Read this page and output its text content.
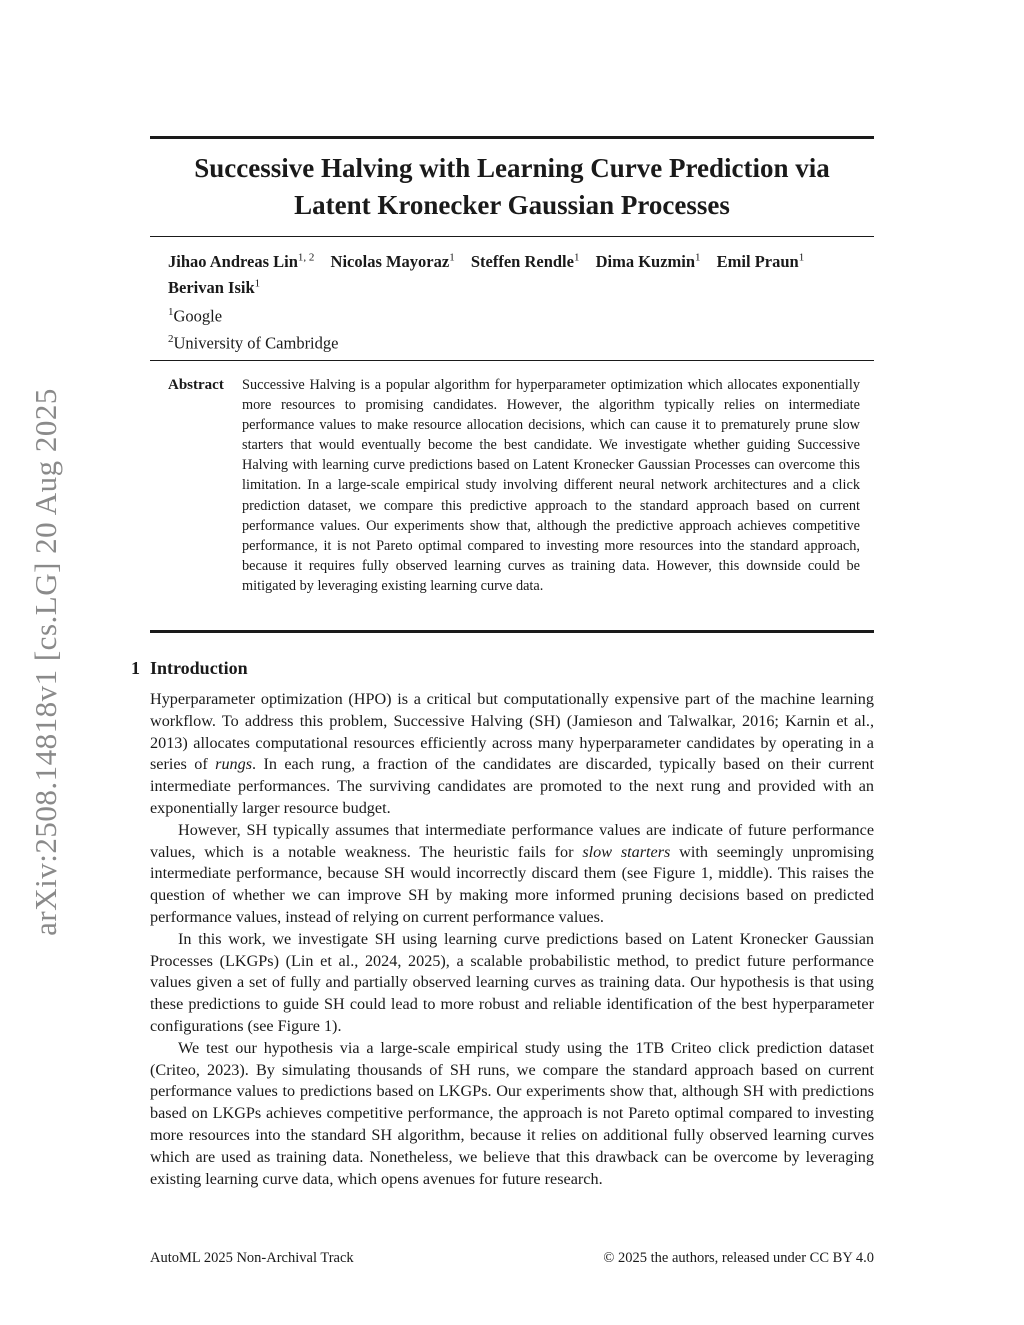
arXiv:2508.14818v1 [cs.LG] 20 Aug 2025
Successive Halving with Learning Curve Prediction via
Latent Kronecker Gaussian Processes
Jihao Andreas Lin$^{1, 2}$ Nicolas Mayoraz$^1$ Steffen Rendle$^1$ Dima Kuzmin$^1$ Emil Praun$^1$
Berivan Isik$^1$
$^1$Google
$^2$University of Cambridge
Abstract Successive Halving is a popular algorithm for hyperparameter optimization which allocates exponentially more resources to promising candidates. However, the algorithm typically relies on intermediate performance values to make resource allocation decisions, which can cause it to prematurely prune slow starters that would eventually become the best candidate. We investigate whether guiding Successive Halving with learning curve predictions based on Latent Kronecker Gaussian Processes can overcome this limitation. In a large-scale empirical study involving different neural network architectures and a click prediction dataset, we compare this predictive approach to the standard approach based on current performance values. Our experiments show that, although the predictive approach achieves competitive performance, it is not Pareto optimal compared to investing more resources into the standard approach, because it requires fully observed learning curves as training data. However, this downside could be mitigated by leveraging existing learning curve data.
1 Introduction

Hyperparameter optimization (HPO) is a critical but computationally expensive part of the machine learning workflow. To address this problem, Successive Halving (SH) (Jamieson and Talwalkar, 2016; Karnin et al., 2013) allocates computational resources efficiently across many hyperparameter candidates by operating in a series of rungs. In each rung, a fraction of the candidates are discarded, typically based on their current intermediate performances. The surviving candidates are promoted to the next rung and provided with an exponentially larger resource budget.

However, SH typically assumes that intermediate performance values are indicate of future performance values, which is a notable weakness. The heuristic fails for slow starters with seemingly unpromising intermediate performance, because SH would incorrectly discard them (see Figure 1, middle). This raises the question of whether we can improve SH by making more informed pruning decisions based on predicted performance values, instead of relying on current performance values.

In this work, we investigate SH using learning curve predictions based on Latent Kronecker Gaussian Processes (LKGPs) (Lin et al., 2024, 2025), a scalable probabilistic method, to predict future performance values given a set of fully and partially observed learning curves as training data. Our hypothesis is that using these predictions to guide SH could lead to more robust and reliable identification of the best hyperparameter configurations (see Figure 1).

We test our hypothesis via a large-scale empirical study using the 1TB Criteo click prediction dataset (Criteo, 2023). By simulating thousands of SH runs, we compare the standard approach based on current performance values to predictions based on LKGPs. Our experiments show that, although SH with predictions based on LKGPs achieves competitive performance, the approach is not Pareto optimal compared to investing more resources into the standard SH algorithm, because it relies on additional fully observed learning curves which are used as training data. Nonetheless, we believe that this drawback can be overcome by leveraging existing learning curve data, which opens avenues for future research.

AutoML 2025 Non-Archival Track	© 2025 the authors, released under CC BY 4.0
